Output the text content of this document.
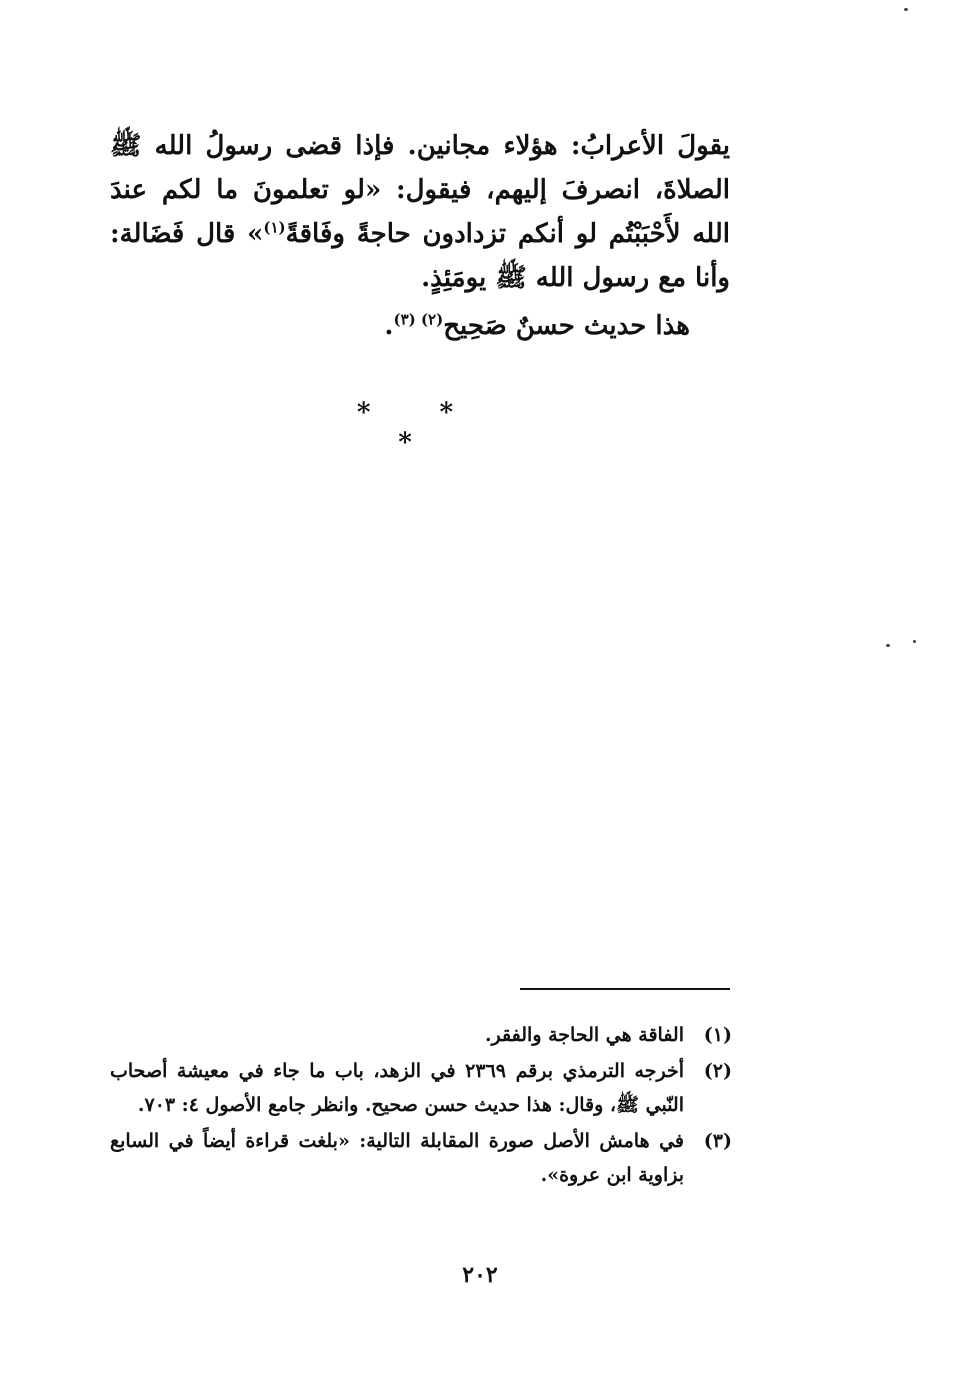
يقولَ الأعرابُ: هؤلاء مجانين. فإذا قضى رسولُ الله ﷺ الصلاةَ، انصرفَ إليهم، فيقول: «لو تعلمونَ ما لكم عندَ الله لأَحْبَبْتُم لو أنكم تزدادون حاجةً وفَاقةً$^{(١)}$» قال فَضَالة: وأنا مع رسول الله ﷺ يومَئِذٍ.

هذا حديث حسنٌ صَحِيح$^{(٢) (٣)}$.
* * *
(١)
الفاقة هي الحاجة والفقر.
(٢)
أخرجه الترمذي برقم ٢٣٦٩ في الزهد، باب ما جاء في معيشة أصحاب النّبي ﷺ، وقال: هذا حديث حسن صحيح. وانظر جامع الأصول ٤: ٧٠٣.
(٣)
في هامش الأصل صورة المقابلة التالية: «بلغت قراءة أيضاً في السابع بزاوية ابن عروة».
٢٠٢
